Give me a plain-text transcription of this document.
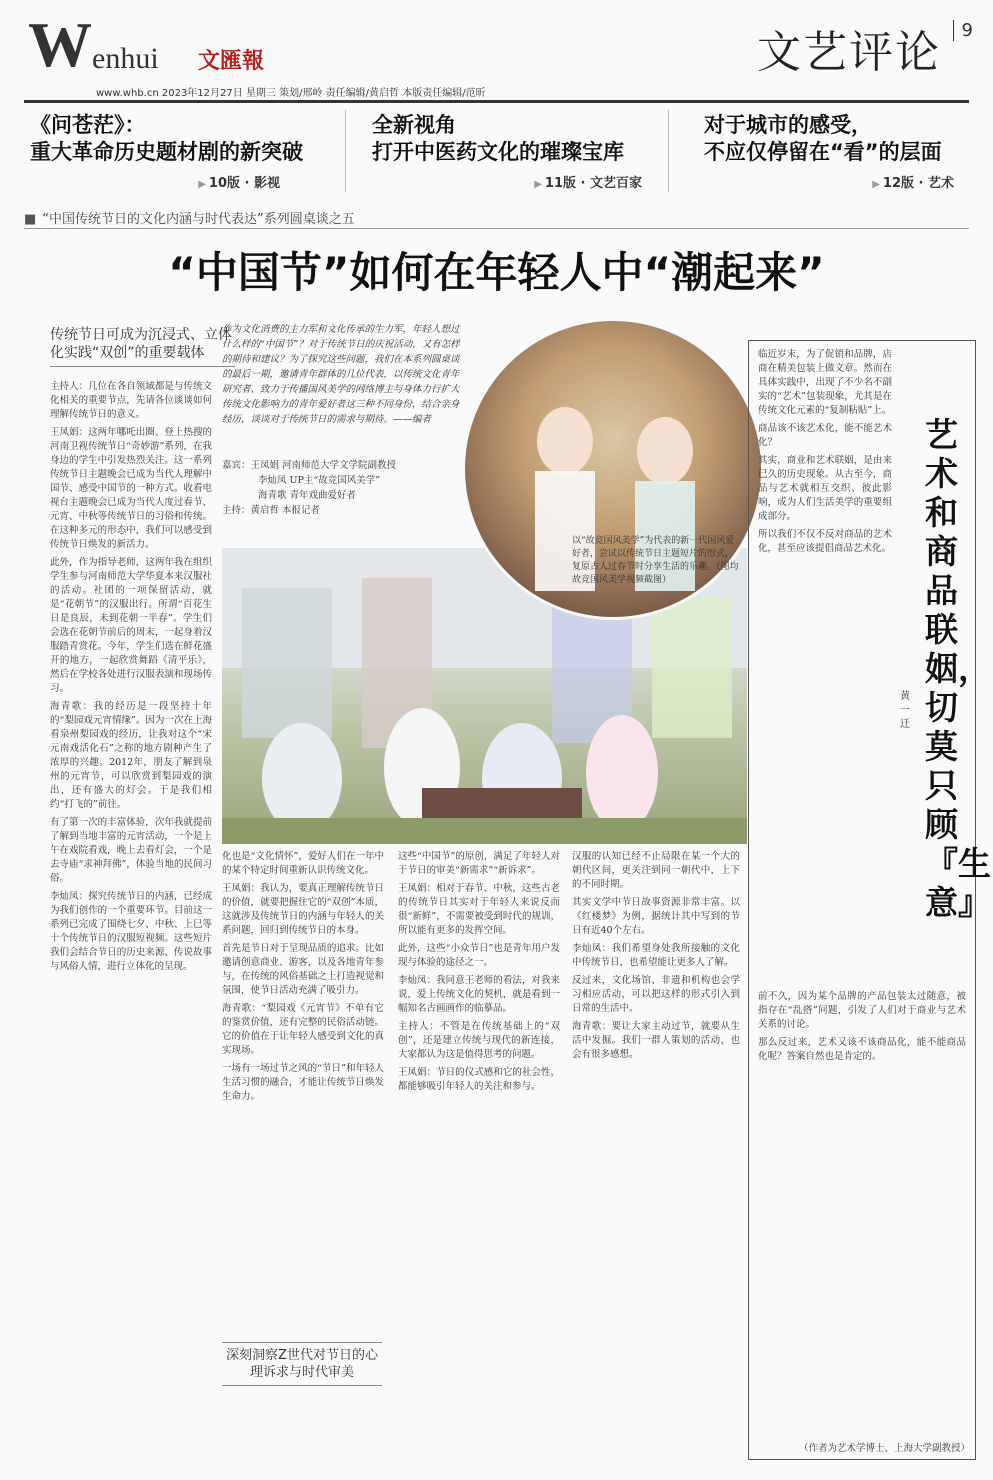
W enhui 文匯報
www.whb.cn 2023年12月27日 星期三 策划/邢岭 责任编辑/黄启哲 本版责任编辑/范昕
文艺评论	9
《问苍茫》：
重大革命历史题材剧的新突破
▶ 10版 · 影视
全新视角
打开中医药文化的璀璨宝库
▶ 11版 · 文艺百家
对于城市的感受，
不应仅停留在“看”的层面
▶ 12版 · 艺术
■ “中国传统节日的文化内涵与时代表达”系列圆桌谈之五
“中国节”如何在年轻人中“潮起来”
传统节日可成为沉浸式、立体化实践“双创”的重要载体

主持人：几位在各自领域都是与传统文化相关的重要节点，先请各位谈谈如何理解传统节日的意义。

王凤娟：这两年哪吒出圈、登上热搜的河南卫视传统节日“奇妙游”系列，在我身边的学生中引发热烈关注。这一系列传统节日主题晚会已成为当代人理解中国节、感受中国节的一种方式。收看电视台主题晚会已成为当代人度过春节、元宵、中秋等传统节日的习俗和传统。在这种多元的形态中，我们可以感受到传统节日焕发的新活力。

此外，作为指导老师，这两年我在组织学生参与河南师范大学华夏本来汉服社的活动。社团的一项保留活动，就是“花朝节”的汉服出行。所谓“百花生日是良辰，未到花朝一半春”。学生们会选在花朝节前后的周末，一起身着汉服踏青赏花。今年，学生们选在鲜花盛开的地方，一起欣赏舞蹈《清平乐》，然后在学校各处进行汉服表演和现场传习。

海青歌：我的经历是一段坚持十年的“梨园戏元宵情缘”。因为一次在上海看泉州梨园戏的经历，让我对这个“宋元南戏活化石”之称的地方剧种产生了浓厚的兴趣。2012年，朋友了解到泉州的元宵节，可以欣赏到梨园戏的演出，还有盛大的灯会。于是我们相约“打飞的”前往。

有了第一次的丰富体验，次年我就提前了解到当地丰富的元宵活动，一个是上午在戏院看戏，晚上去看灯会，一个是去寺庙“求神拜佛”，体验当地的民间习俗。

李灿凤：探究传统节日的内涵，已经成为我们创作的一个重要环节。目前这一系列已完成了围绕七夕、中秋、上巳等十个传统节日的汉服短视频。这些短片我们会结合节日的历史来源、传说故事与风俗人情，进行立体化的呈现。

作为文化消费的主力军和文化传承的生力军，年轻人想过什么样的“中国节”？对于传统节日的庆祝活动，又有怎样的期待和建议？为了探究这些问题，我们在本系列圆桌谈的最后一期，邀请青年群体的几位代表，以传统文化青年研究者、致力于传播国风美学的网络博主与身体力行扩大传统文化影响力的青年爱好者这三种不同身份，结合亲身经历，谈谈对于传统节日的需求与期待。——编者
嘉宾：王凤娟 河南师范大学文学院副教授
李灿凤 UP主“故竞国风美学”
海青歌 青年戏曲爱好者
主持：黄启哲 本报记者
以“故竞国风美学”为代表的新一代国风爱好者，尝试以传统节日主题短片的形式，复原古人过春节时分享生活的乐趣。（图均故竞国风美学视频截图）

化也是“文化情怀”，爱好人们在一年中的某个特定时间重新认识传统文化。

王凤娟：我认为，要真正理解传统节日的价值，就要把握住它的“双创”本质，这就涉及传统节日的内涵与年轻人的关系问题，回归到传统节日的本身。

首先是节日对于呈现品质的追求。比如邀请创意商业、游客，以及各地青年参与，在传统的风俗基础之上打造视觉和氛围，使节日活动充满了吸引力。

海青歌：“梨园戏《元宵节》不单有它的鉴赏价值，还有完整的民俗活动链。它的价值在于让年轻人感受到文化的真实现场。

一场有一场过节之风的“节日”和年轻人生活习惯的融合，才能让传统节日焕发生命力。

深刻洞察Z世代对节日的心理诉求与时代审美

这些“中国节”的原创，满足了年轻人对于节日的审美“新需求”“新诉求”。

王凤娟：相对于春节、中秋，这些古老的传统节日其实对于年轻人来说反而很“新鲜”，不需要被受到时代的规训，所以能有更多的发挥空间。

此外，这些“小众节日”也是青年用户发现与体验的途径之一。

李灿凤：我同意王老师的看法，对我来说，爱上传统文化的契机，就是看到一幅知名古画画作的临摹品。

主持人：不管是在传统基础上的“双创”，还是建立传统与现代的新连接，大家都认为这是值得思考的问题。

王凤娟：节日的仪式感和它的社会性，都能够吸引年轻人的关注和参与。

汉服的认知已经不止局限在某一个大的朝代区间，更关注到同一朝代中，上下的不同时期。

其实文学中节日故事资源非常丰富。以《红楼梦》为例，据统计其中写到的节日有近40个左右。

李灿凤：我们希望身处我所接触的文化中传统节日，也希望能让更多人了解。

反过来，文化场馆、非遗和机构也会学习相应活动，可以把这样的形式引入到日常的生活中。

海青歌：要让大家主动过节，就要从生活中发掘。我们一群人策划的活动，也会有很多感想。

临近岁末，为了促销和品牌，店商在精美包装上做文章。然而在具体实践中，出现了不少名不副实的“艺术”包装现象，尤其是在传统文化元素的“复制粘贴”上。

商品该不该艺术化，能不能艺术化？

其实，商业和艺术联姻，是由来已久的历史现象。从古至今，商品与艺术就相互交织、彼此影响，成为人们生活美学的重要组成部分。

所以我们不仅不反对商品的艺术化，甚至应该提倡商品艺术化。

艺术和商品联姻，切莫只顾『生意』
黄一迁

前不久，因为某个品牌的产品包装太过随意，被指存在“乱搭”问题，引发了人们对于商业与艺术关系的讨论。

那么反过来，艺术又该不该商品化，能不能商品化呢？答案自然也是肯定的。

（作者为艺术学博士、上海大学副教授）
